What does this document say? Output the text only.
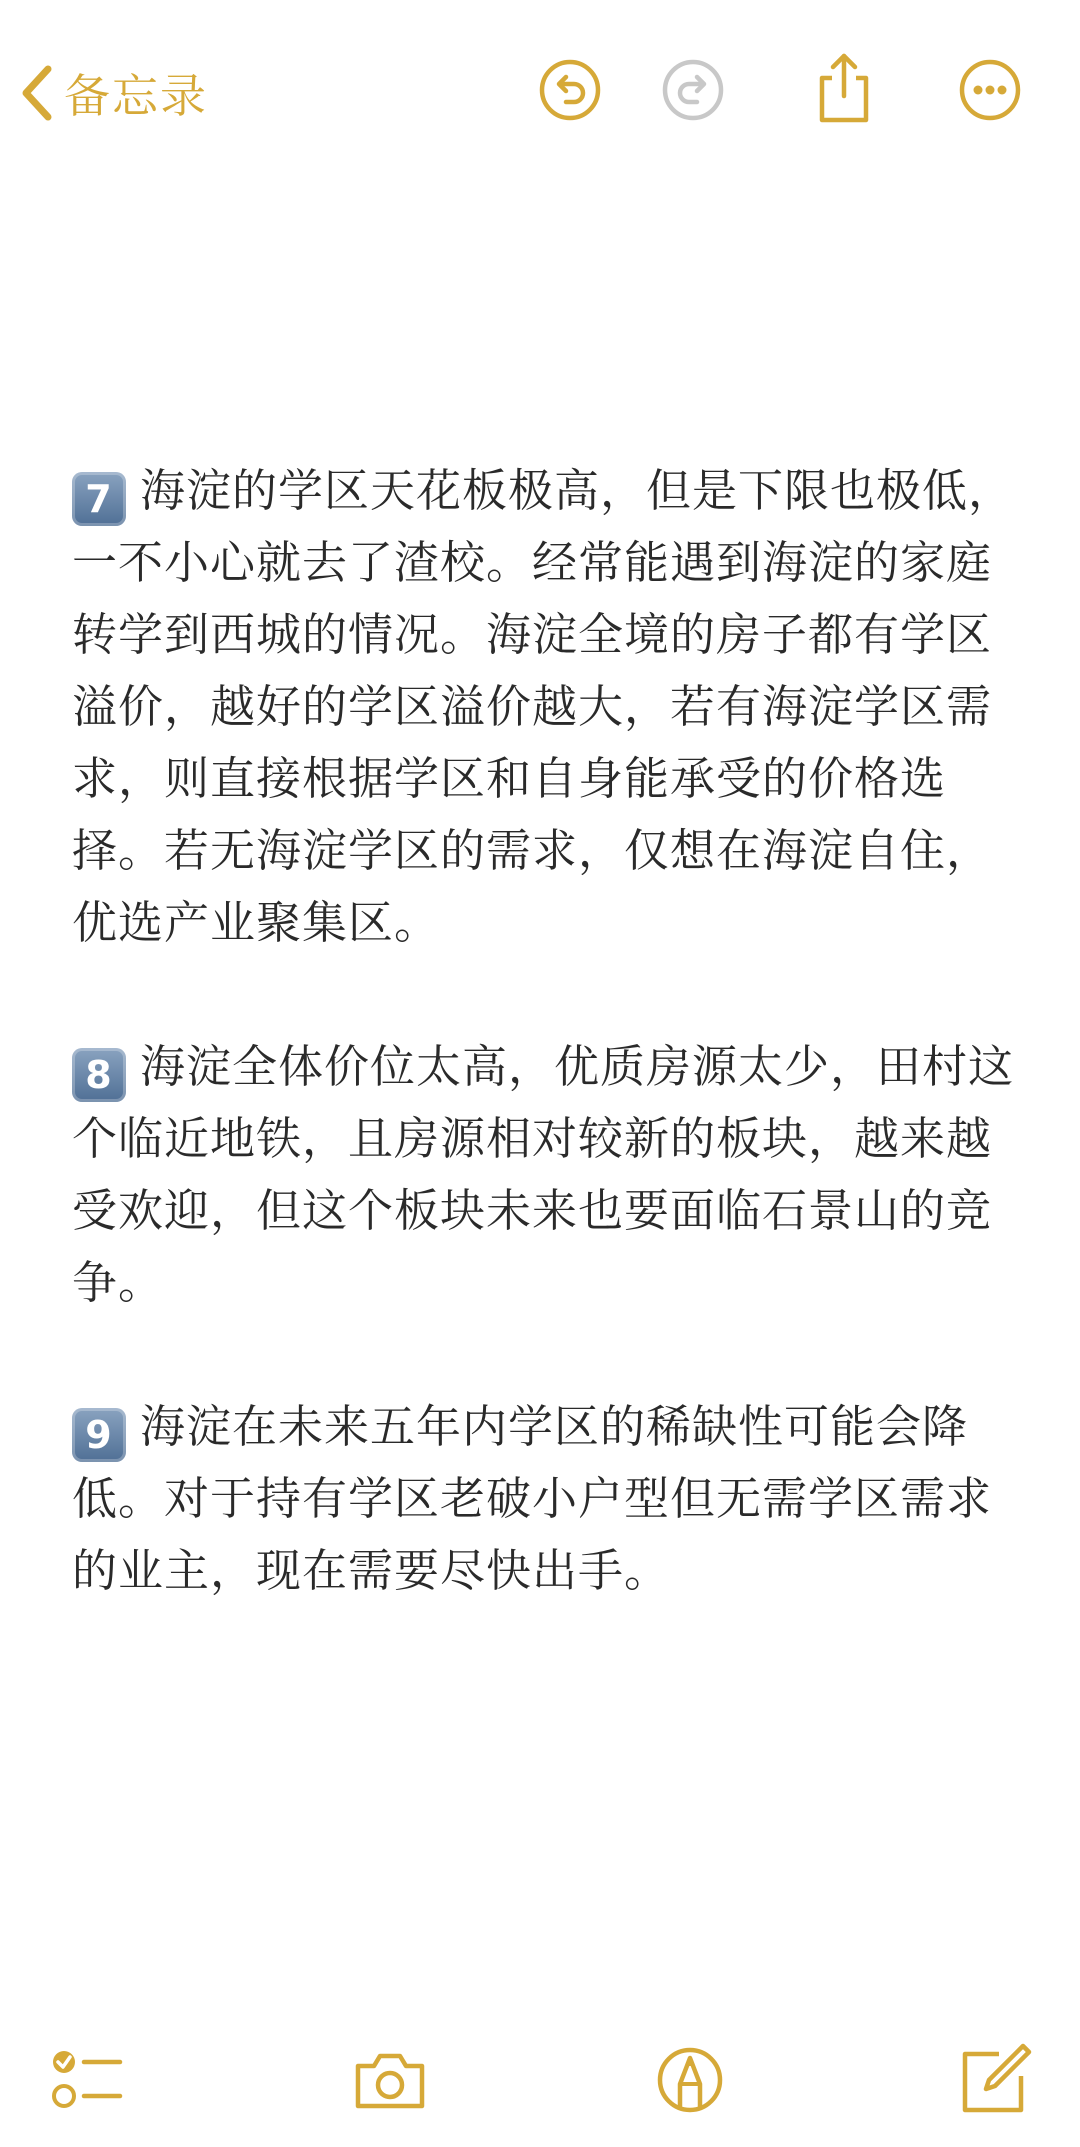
备忘录

7 海淀的学区天花板极高，但是下限也极低，一不小心就去了渣校。经常能遇到海淀的家庭转学到西城的情况。海淀全境的房子都有学区溢价，越好的学区溢价越大，若有海淀学区需求，则直接根据学区和自身能承受的价格选择。若无海淀学区的需求，仅想在海淀自住，优选产业聚集区。

8 海淀全体价位太高，优质房源太少，田村这个临近地铁，且房源相对较新的板块，越来越受欢迎，但这个板块未来也要面临石景山的竞争。

9 海淀在未来五年内学区的稀缺性可能会降低。对于持有学区老破小户型但无需学区需求的业主，现在需要尽快出手。
